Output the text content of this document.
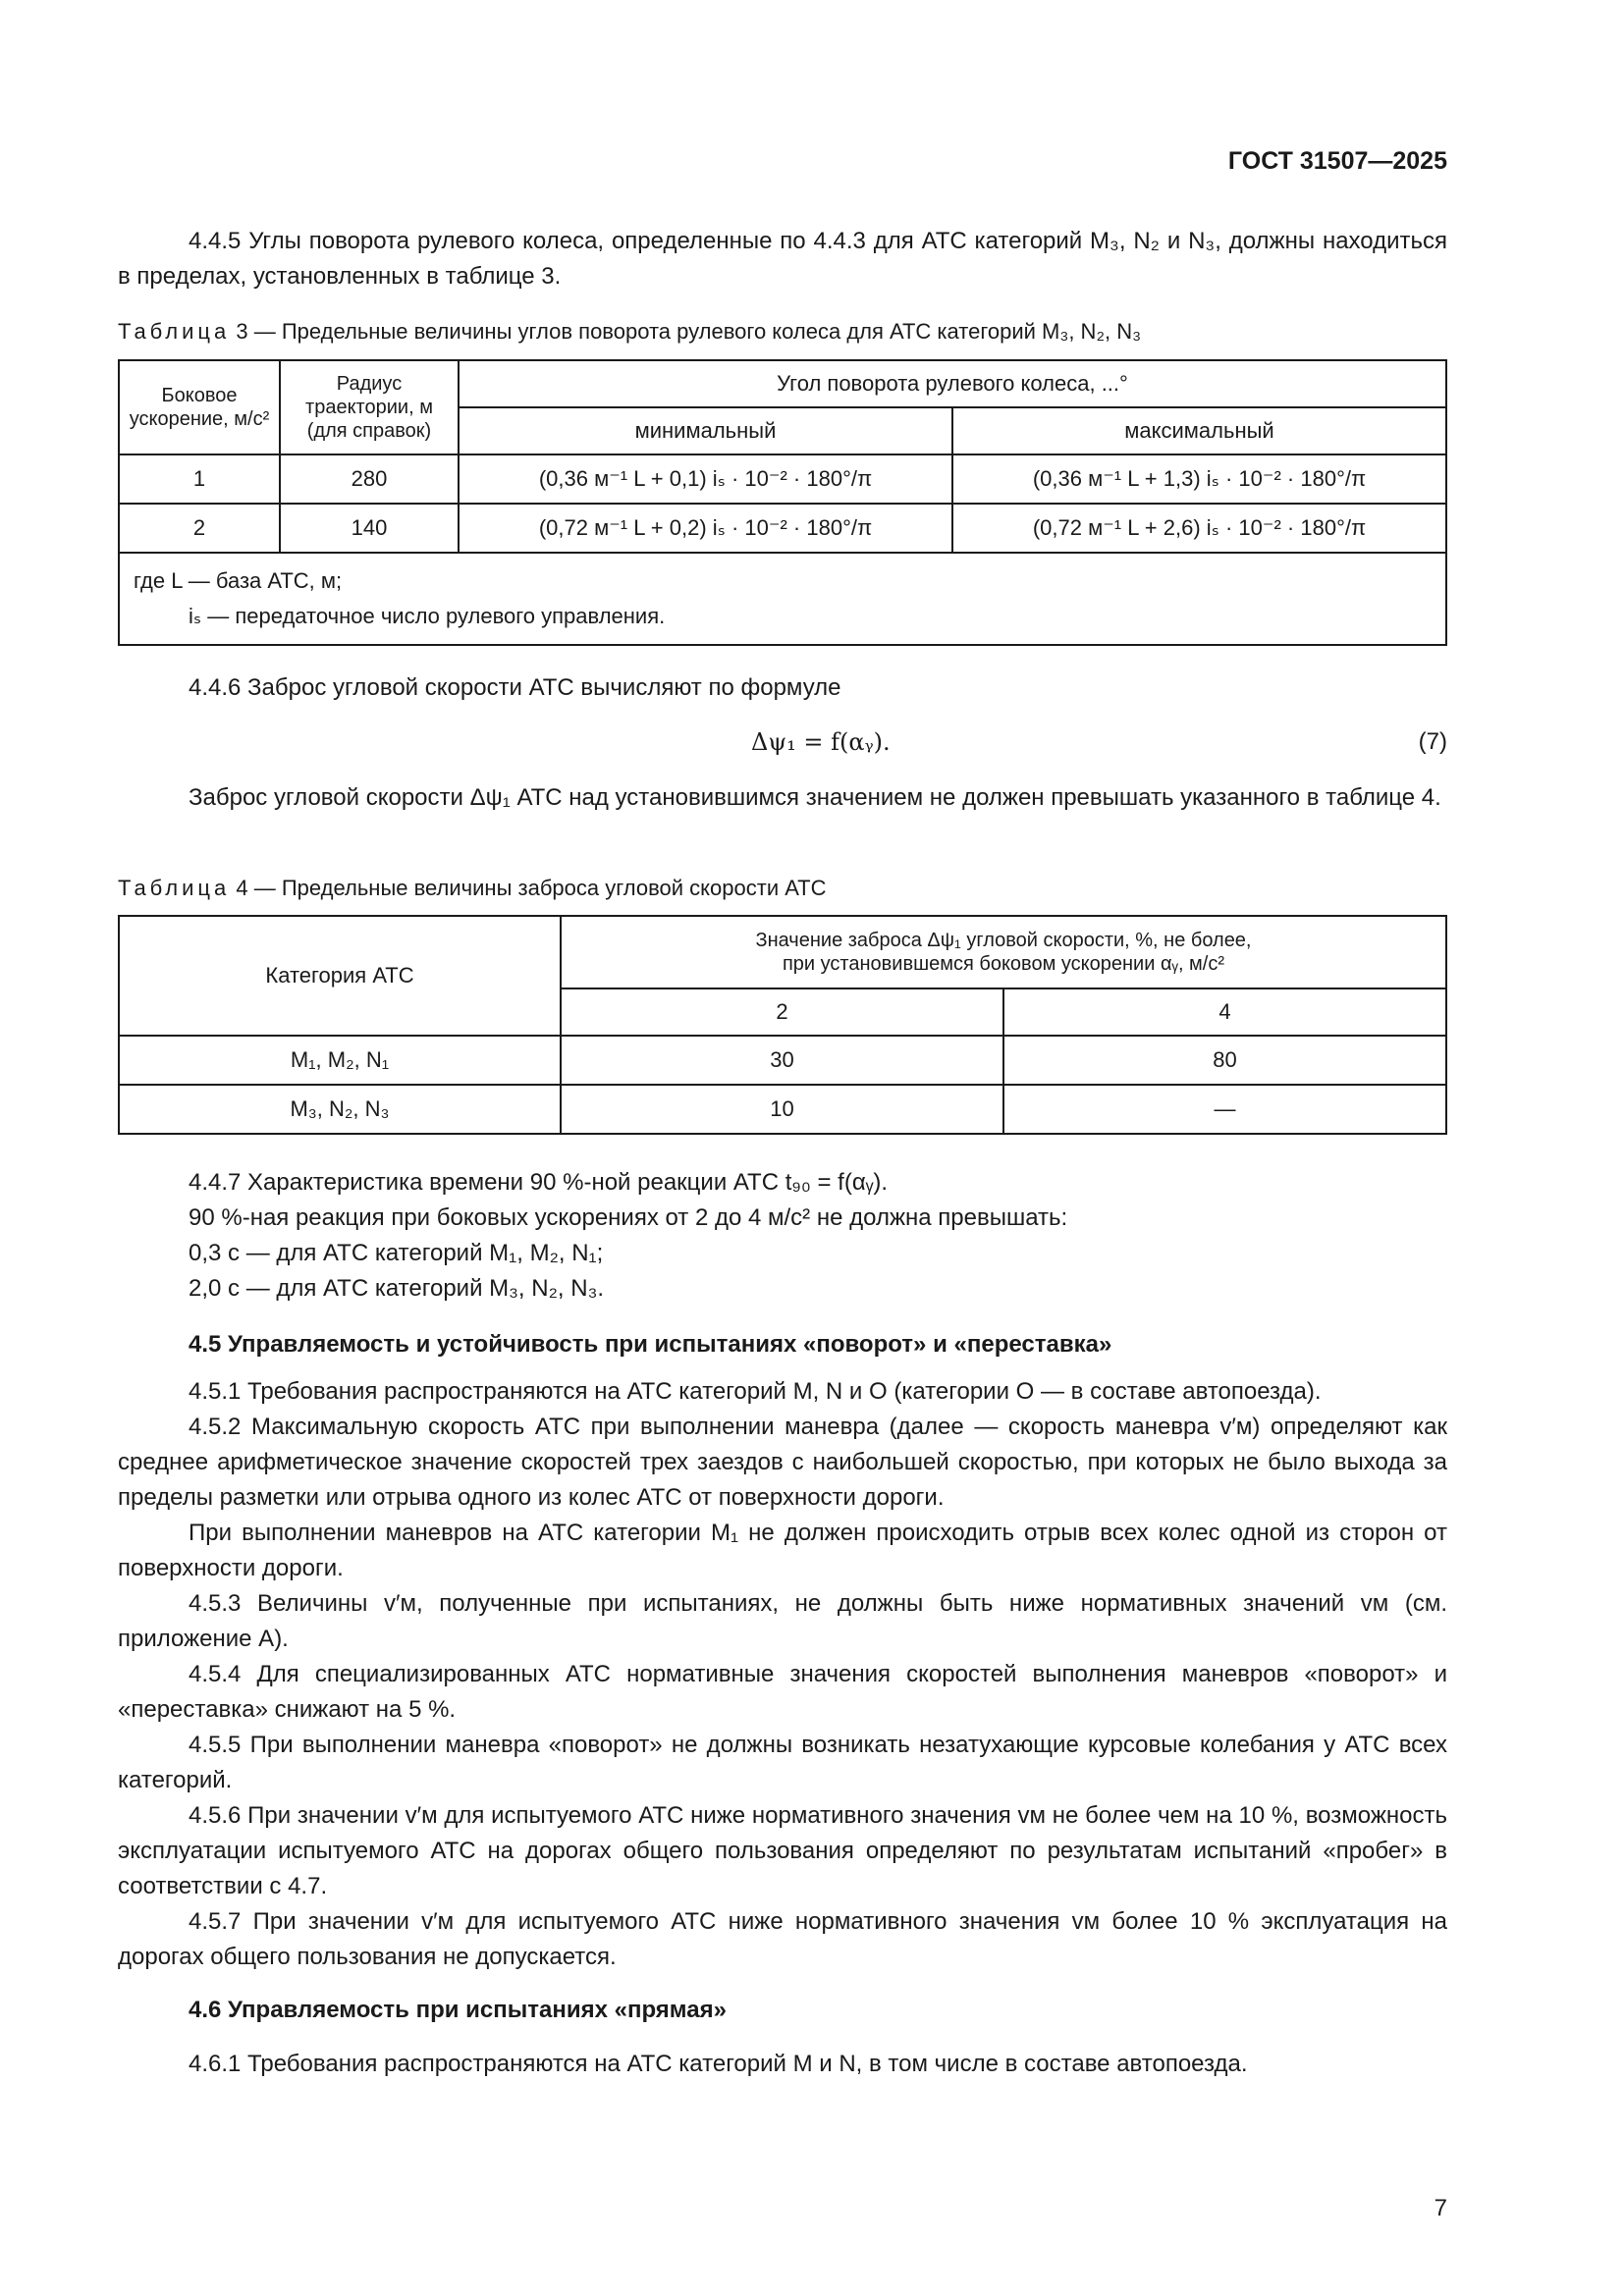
ГОСТ 31507—2025

4.4.5 Углы поворота рулевого колеса, определенные по 4.4.3 для АТС категорий M₃, N₂ и N₃, должны находиться в пределах, установленных в таблице 3.

Таблица 3 — Предельные величины углов поворота рулевого колеса для АТС категорий M₃, N₂, N₃

Боковое ускорение, м/с²	Радиус траектории, м (для справок)	Угол поворота рулевого колеса, ...°	
		минимальный	максимальный
1	280	(0,36 м⁻¹ L + 0,1) iₛ · 10⁻² · 180°/π	(0,36 м⁻¹ L + 1,3) iₛ · 10⁻² · 180°/π
2	140	(0,72 м⁻¹ L + 0,2) iₛ · 10⁻² · 180°/π	(0,72 м⁻¹ L + 2,6) iₛ · 10⁻² · 180°/π

где L — база АТС, м;
iₛ — передаточное число рулевого управления.			

4.4.6 Заброс угловой скорости АТС вычисляют по формуле

Δψ₁ = f(αᵧ).	(7)

Заброс угловой скорости Δψ₁ АТС над установившимся значением не должен превышать указанного в таблице 4.

Таблица 4 — Предельные величины заброса угловой скорости АТС

Категория АТС	Значение заброса Δψ₁ угловой скорости, %, не более,
при установившемся боковом ускорении αᵧ, м/с²	

	2	4
M₁, M₂, N₁	30	80
M₃, N₂, N₃	10	—

4.4.7 Характеристика времени 90 %-ной реакции АТС t₉₀ = f(αᵧ).

90 %-ная реакция при боковых ускорениях от 2 до 4 м/с² не должна превышать:

0,3 с — для АТС категорий M₁, M₂, N₁;

2,0 с — для АТС категорий M₃, N₂, N₃.

4.5 Управляемость и устойчивость при испытаниях «поворот» и «переставка»

4.5.1 Требования распространяются на АТС категорий M, N и O (категории O — в составе автопоезда).

4.5.2 Максимальную скорость АТС при выполнении маневра (далее — скорость маневра v′м) определяют как среднее арифметическое значение скоростей трех заездов с наибольшей скоростью, при которых не было выхода за пределы разметки или отрыва одного из колес АТС от поверхности дороги.

При выполнении маневров на АТС категории M₁ не должен происходить отрыв всех колес одной из сторон от поверхности дороги.

4.5.3 Величины v′м, полученные при испытаниях, не должны быть ниже нормативных значений vм (см. приложение А).

4.5.4 Для специализированных АТС нормативные значения скоростей выполнения маневров «поворот» и «переставка» снижают на 5 %.

4.5.5 При выполнении маневра «поворот» не должны возникать незатухающие курсовые колебания у АТС всех категорий.

4.5.6 При значении v′м для испытуемого АТС ниже нормативного значения vм не более чем на 10 %, возможность эксплуатации испытуемого АТС на дорогах общего пользования определяют по результатам испытаний «пробег» в соответствии с 4.7.

4.5.7 При значении v′м для испытуемого АТС ниже нормативного значения vм более 10 % эксплуатация на дорогах общего пользования не допускается.

4.6 Управляемость при испытаниях «прямая»

4.6.1 Требования распространяются на АТС категорий M и N, в том числе в составе автопоезда.

7
